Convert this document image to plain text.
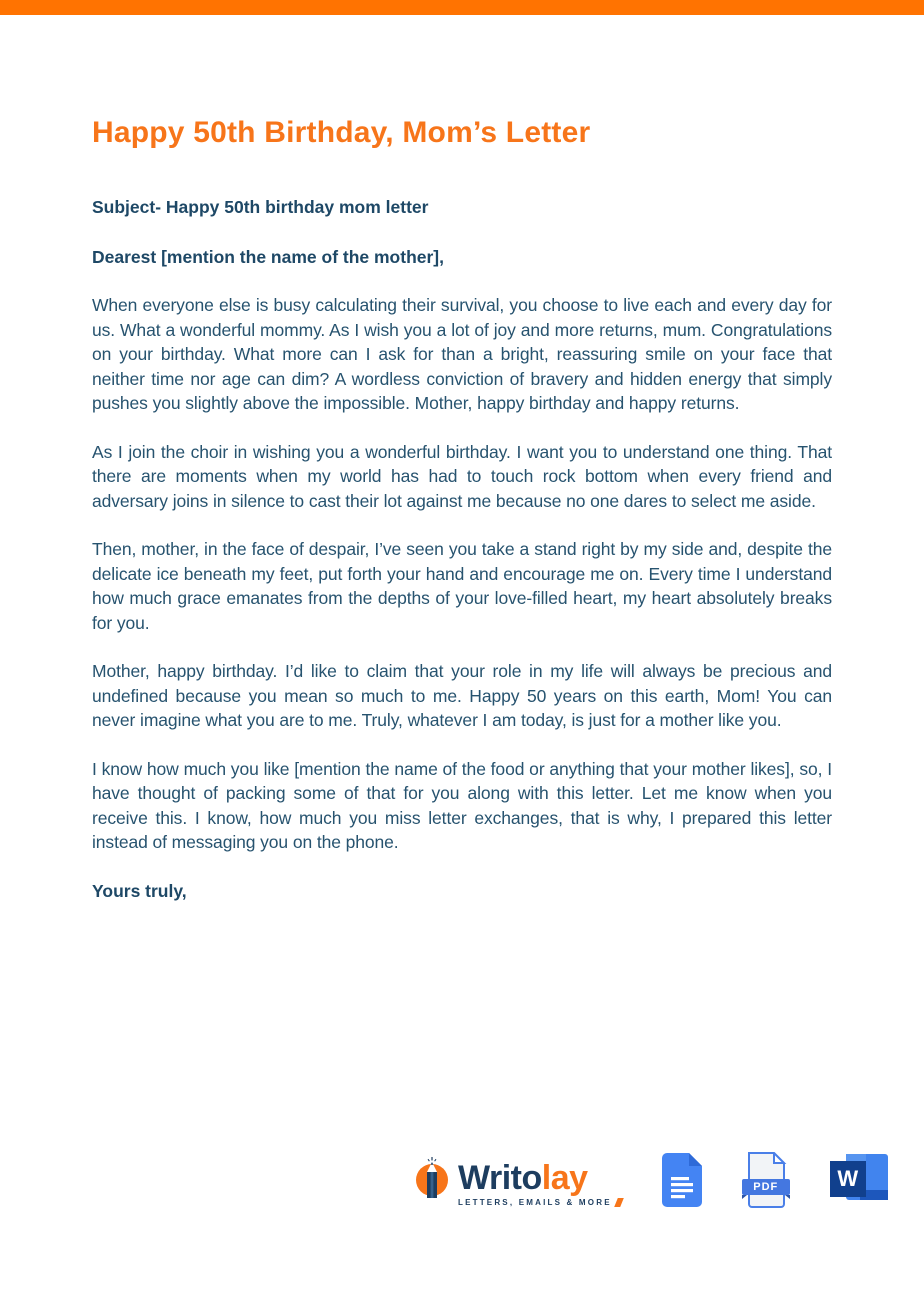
Happy 50th Birthday, Mom’s Letter

Subject- Happy 50th birthday mom letter

Dearest [mention the name of the mother],

When everyone else is busy calculating their survival, you choose to live each and every day for us. What a wonderful mommy. As I wish you a lot of joy and more returns, mum. Congratulations on your birthday. What more can I ask for than a bright, reassuring smile on your face that neither time nor age can dim? A wordless conviction of bravery and hidden energy that simply pushes you slightly above the impossible. Mother, happy birthday and happy returns.

As I join the choir in wishing you a wonderful birthday. I want you to understand one thing. That there are moments when my world has had to touch rock bottom when every friend and adversary joins in silence to cast their lot against me because no one dares to select me aside.

Then, mother, in the face of despair, I’ve seen you take a stand right by my side and, despite the delicate ice beneath my feet, put forth your hand and encourage me on. Every time I understand how much grace emanates from the depths of your love-filled heart, my heart absolutely breaks for you.

Mother, happy birthday. I’d like to claim that your role in my life will always be precious and undefined because you mean so much to me. Happy 50 years on this earth, Mom! You can never imagine what you are to me. Truly, whatever I am today, is just for a mother like you.

I know how much you like [mention the name of the food or anything that your mother likes], so, I have thought of packing some of that for you along with this letter. Let me know when you receive this. I know, how much you miss letter exchanges, that is why, I prepared this letter instead of messaging you on the phone.

Yours truly,

Writolay
LETTERS, EMAILS & MORE
PDF	W
